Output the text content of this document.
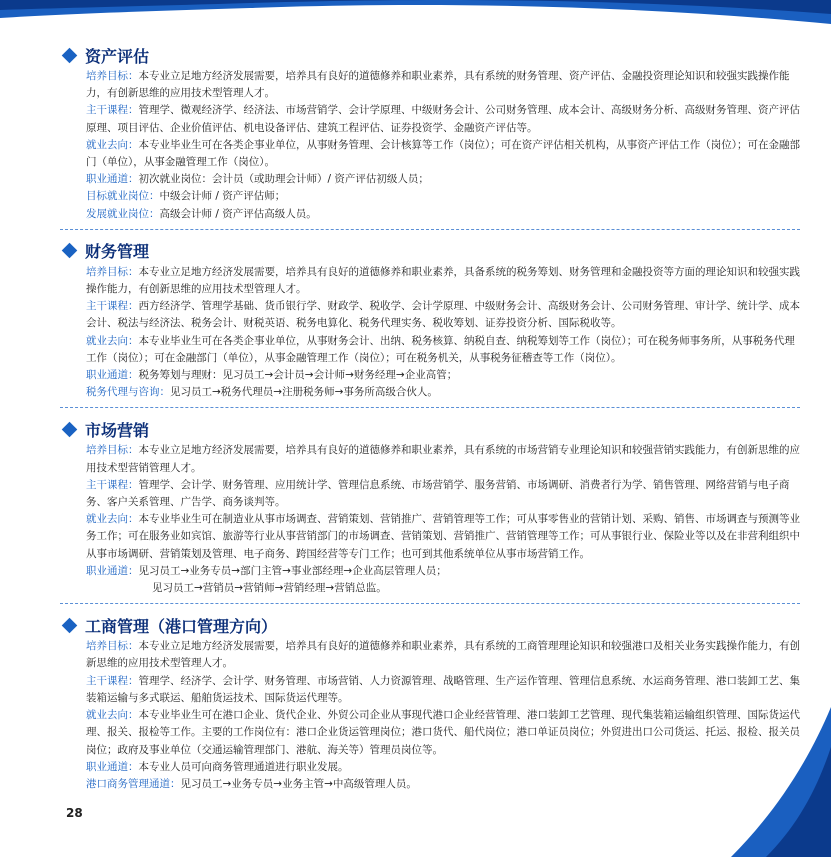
资产评估

培养目标：本专业立足地方经济发展需要，培养具有良好的道德修养和职业素养，具有系统的财务管理、资产评估、金融投资理论知识和较强实践操作能力，有创新思维的应用技术型管理人才。

主干课程：管理学、微观经济学、经济法、市场营销学、会计学原理、中级财务会计、公司财务管理、成本会计、高级财务分析、高级财务管理、资产评估原理、项目评估、企业价值评估、机电设备评估、建筑工程评估、证券投资学、金融资产评估等。

就业去向：本专业毕业生可在各类企事业单位，从事财务管理、会计核算等工作（岗位）；可在资产评估相关机构，从事资产评估工作（岗位）；可在金融部门（单位），从事金融管理工作（岗位）。

职业通道：初次就业岗位：会计员（或助理会计师）/ 资产评估初级人员；
目标就业岗位：中级会计师 / 资产评估师；
发展就业岗位：高级会计师 / 资产评估高级人员。
财务管理

培养目标：本专业立足地方经济发展需要，培养具有良好的道德修养和职业素养，具备系统的税务筹划、财务管理和金融投资等方面的理论知识和较强实践操作能力，有创新思维的应用技术型管理人才。

主干课程：西方经济学、管理学基础、货币银行学、财政学、税收学、会计学原理、中级财务会计、高级财务会计、公司财务管理、审计学、统计学、成本会计、税法与经济法、税务会计、财税英语、税务电算化、税务代理实务、税收筹划、证券投资分析、国际税收等。

就业去向：本专业毕业生可在各类企事业单位，从事财务会计、出纳、税务核算、纳税自查、纳税筹划等工作（岗位）；可在税务师事务所，从事税务代理工作（岗位）；可在金融部门（单位），从事金融管理工作（岗位）；可在税务机关，从事税务征稽查等工作（岗位）。

职业通道：税务筹划与理财：见习员工→会计员→会计师→财务经理→企业高管；
税务代理与咨询：见习员工→税务代理员→注册税务师→事务所高级合伙人。
市场营销

培养目标：本专业立足地方经济发展需要，培养具有良好的道德修养和职业素养，具有系统的市场营销专业理论知识和较强营销实践能力，有创新思维的应用技术型营销管理人才。

主干课程：管理学、会计学、财务管理、应用统计学、管理信息系统、市场营销学、服务营销、市场调研、消费者行为学、销售管理、网络营销与电子商务、客户关系管理、广告学、商务谈判等。

就业去向：本专业毕业生可在制造业从事市场调查、营销策划、营销推广、营销管理等工作；可从事零售业的营销计划、采购、销售、市场调查与预测等业务工作；可在服务业如宾馆、旅游等行业从事营销部门的市场调查、营销策划、营销推广、营销管理等工作；可从事银行业、保险业等以及在非营利组织中从事市场调研、营销策划及管理、电子商务、跨国经营等专门工作；也可到其他系统单位从事市场营销工作。

职业通道：见习员工→业务专员→部门主管→事业部经理→企业高层管理人员；
见习员工→营销员→营销师→营销经理→营销总监。
工商管理（港口管理方向）

培养目标：本专业立足地方经济发展需要，培养具有良好的道德修养和职业素养，具有系统的工商管理理论知识和较强港口及相关业务实践操作能力，有创新思维的应用技术型管理人才。

主干课程：管理学、经济学、会计学、财务管理、市场营销、人力资源管理、战略管理、生产运作管理、管理信息系统、水运商务管理、港口装卸工艺、集装箱运输与多式联运、船舶货运技术、国际货运代理等。

就业去向：本专业毕业生可在港口企业、货代企业、外贸公司企业从事现代港口企业经营管理、港口装卸工艺管理、现代集装箱运输组织管理、国际货运代理、报关、报检等工作。主要的工作岗位有：港口企业货运管理岗位；港口货代、船代岗位；港口单证员岗位；外贸进出口公司货运、托运、报检、报关员岗位；政府及事业单位（交通运输管理部门、港航、海关等）管理员岗位等。

职业通道：本专业人员可向商务管理通道进行职业发展。
港口商务管理通道：见习员工→业务专员→业务主管→中高级管理人员。
28
